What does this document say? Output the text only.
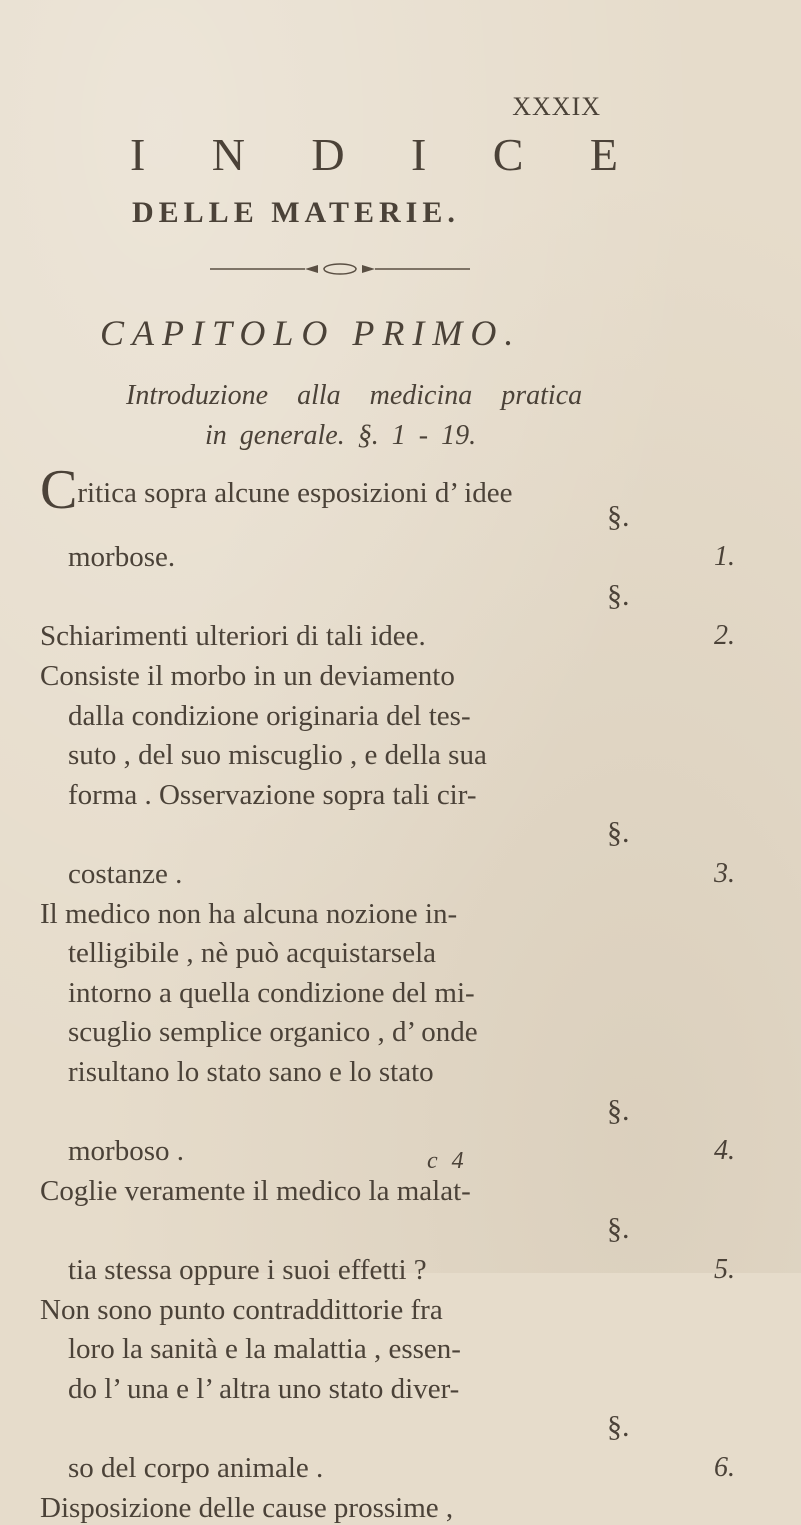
XXXIX
I N D I C E
DELLE MATERIE.
CAPITOLO PRIMO.
Introduzione alla medicina pratica
in generale. §. 1 - 19.
Critica sopra alcune esposizioni d’ idee
morbose.
§.
1.
Schiarimenti ulteriori di tali idee.
§.
2.
Consiste il morbo in un deviamento
dalla condizione originaria del tes-
suto , del suo miscuglio , e della sua
forma . Osservazione sopra tali cir-
costanze .
§.
3.
Il medico non ha alcuna nozione in-
telligibile , nè può acquistarsela
intorno a quella condizione del mi-
scuglio semplice organico , d’ onde
risultano lo stato sano e lo stato
morboso .
§.
4.
Coglie veramente il medico la malat-
tia stessa oppure i suoi effetti ?
§.
5.
Non sono punto contraddittorie fra
loro la sanità e la malattia , essen-
do l’ una e l’ altra uno stato diver-
so del corpo animale .
§.
6.
Disposizione delle cause prossime ,
c 4
